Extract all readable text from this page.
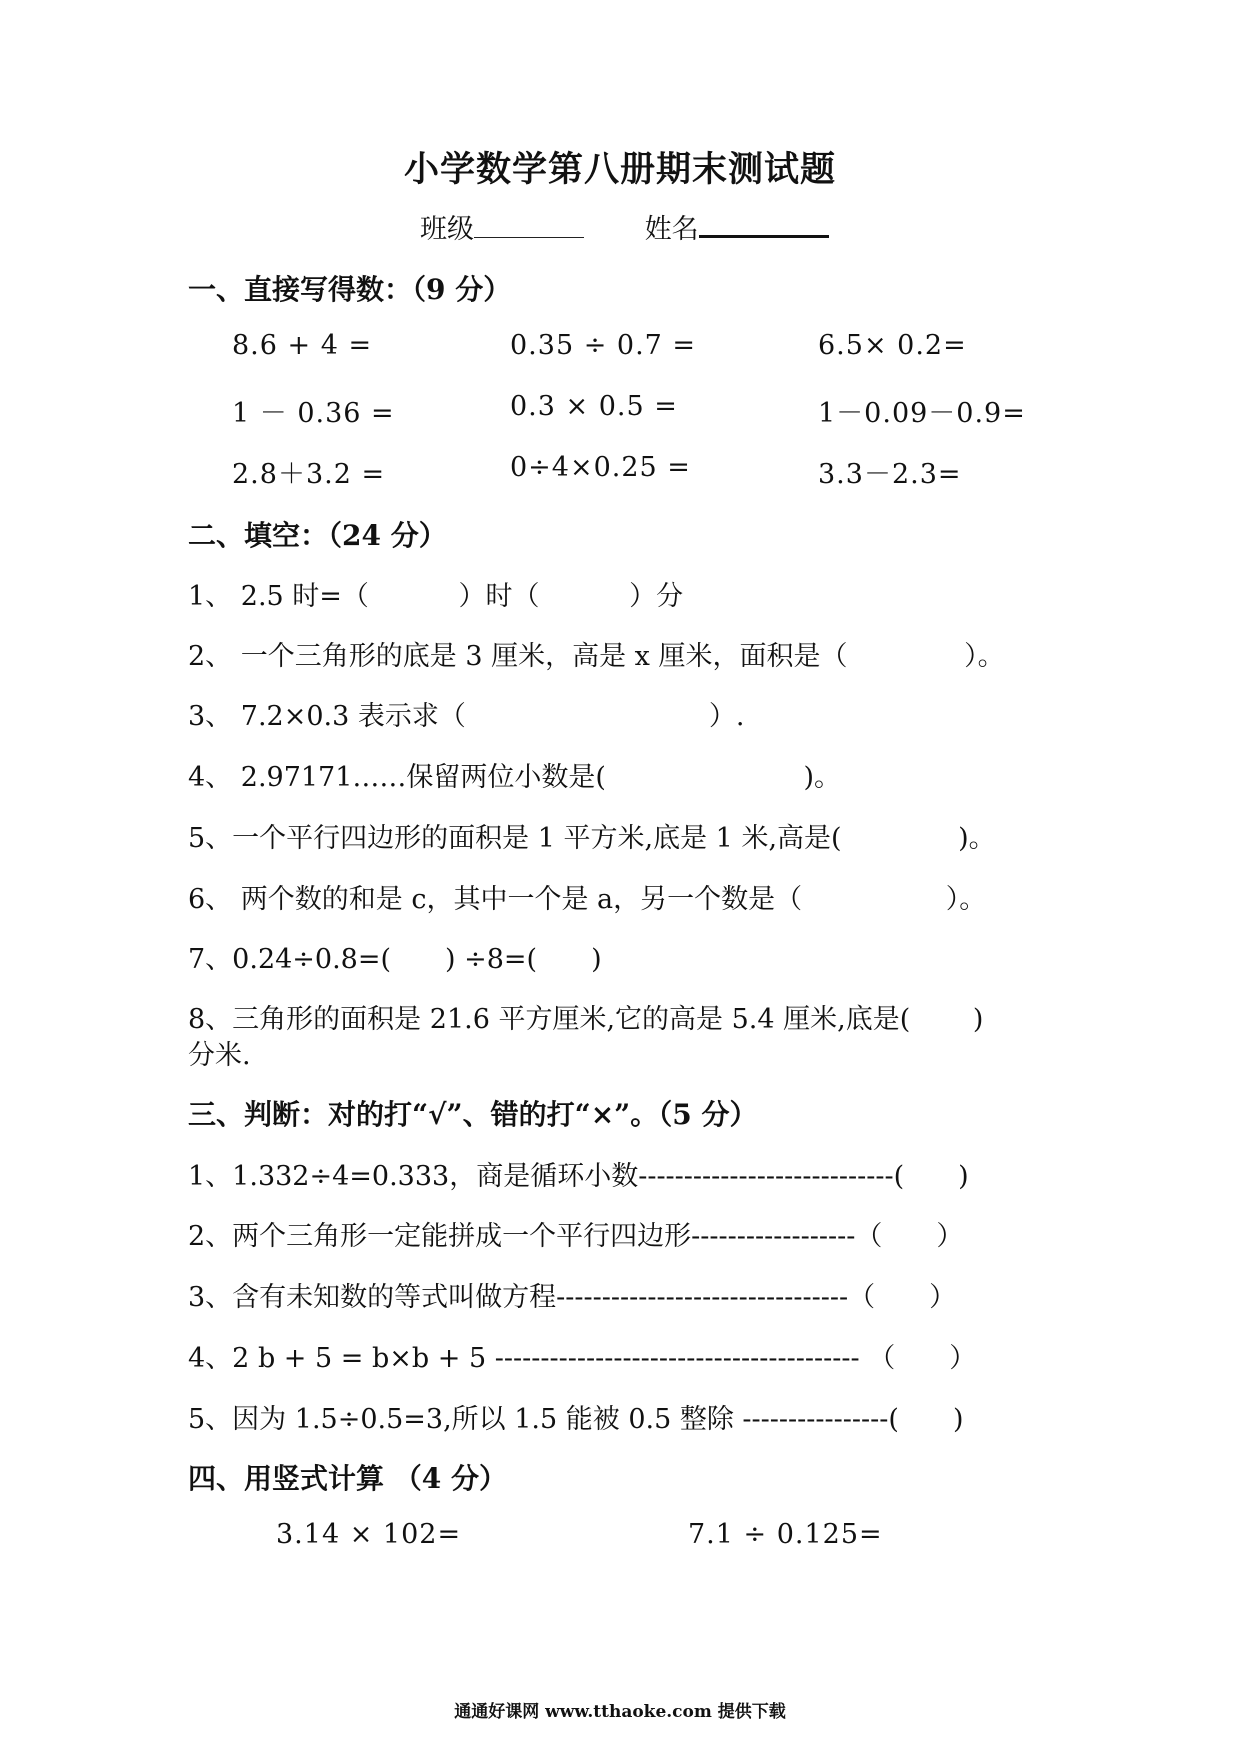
小学数学第八册期末测试题
班级	姓名
一、直接写得数：（9 分）
8.6 + 4 =	0.35 ÷ 0.7 =	6.5× 0.2=
1 － 0.36 =	0.3 × 0.5 =	1－0.09－0.9=
2.8＋3.2 =	0÷4×0.25 =	3.3－2.3=
二、填空：（24 分）
1、 2.5 时=（　　　 ）时（　　　 ）分
2、 一个三角形的底是 3 厘米，高是 x 厘米，面积是（　　　　 ）。
3、 7.2×0.3 表示求（　　　　　　　　　）.
4、 2.97171……保留两位小数是(　　　　　　　 )。
5、一个平行四边形的面积是 1 平方米,底是 1 米,高是(　　　　 )。
6、 两个数的和是 c，其中一个是 a，另一个数是（　　　　　 ）。
7、0.24÷0.8=(　　) ÷8=(　　)
8、三角形的面积是 21.6 平方厘米,它的高是 5.4 厘米,底是(　　 )
分米.
三、判断：对的打“√”、错的打“×”。（5 分）
1、1.332÷4=0.333，商是循环小数----------------------------(　　)
2、两个三角形一定能拼成一个平行四边形------------------（　　）
3、含有未知数的等式叫做方程--------------------------------（　　）
4、2 b + 5 = b×b + 5 ---------------------------------------- （　　）
5、因为 1.5÷0.5=3,所以 1.5 能被 0.5 整除 ----------------(　　)
四、用竖式计算 （4 分）
3.14 × 102=	7.1 ÷ 0.125=
通通好课网 www.tthaoke.com 提供下载
